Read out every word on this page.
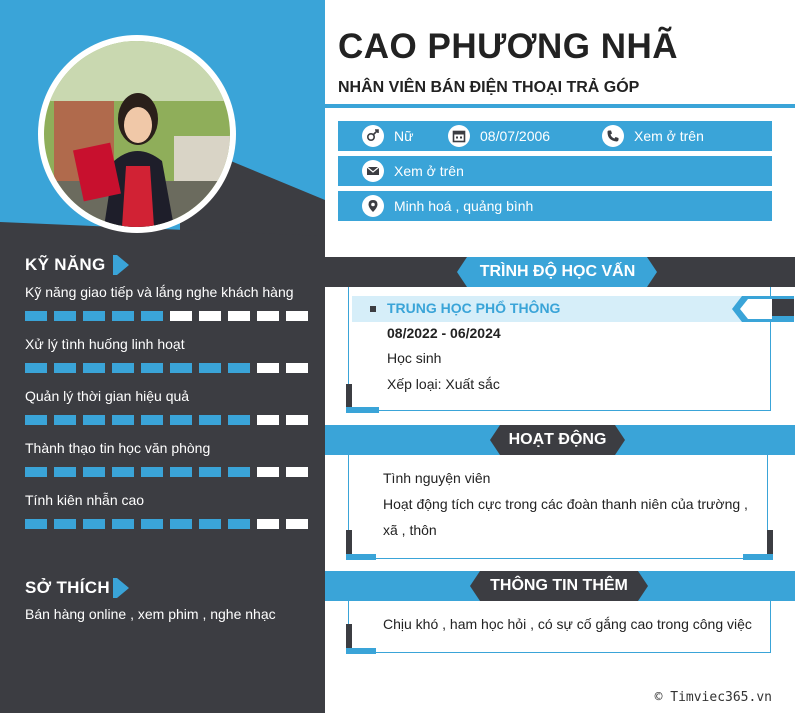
KỸ NĂNG
Kỹ năng giao tiếp và lắng nghe khách hàng
Xử lý tình huống linh hoạt
Quản lý thời gian hiệu quả
Thành thạo tin học văn phòng
Tính kiên nhẫn cao
SỞ THÍCH
Bán hàng online , xem phim , nghe nhạc
CAO PHƯƠNG NHÃ
NHÂN VIÊN BÁN ĐIỆN THOẠI TRẢ GÓP
Nữ	08/07/2006	Xem ở trên
Xem ở trên
Minh hoá , quảng bình
TRÌNH ĐỘ HỌC VẤN
TRUNG HỌC PHỔ THÔNG
08/2022 - 06/2024
Học sinh
Xếp loại: Xuất sắc
HOẠT ĐỘNG
Tình nguyện viên
Hoạt động tích cực trong các đoàn thanh niên của trường ,
xã , thôn
THÔNG TIN THÊM
Chịu khó , ham học hỏi , có sự cố gắng cao trong công việc
© Timviec365.vn
